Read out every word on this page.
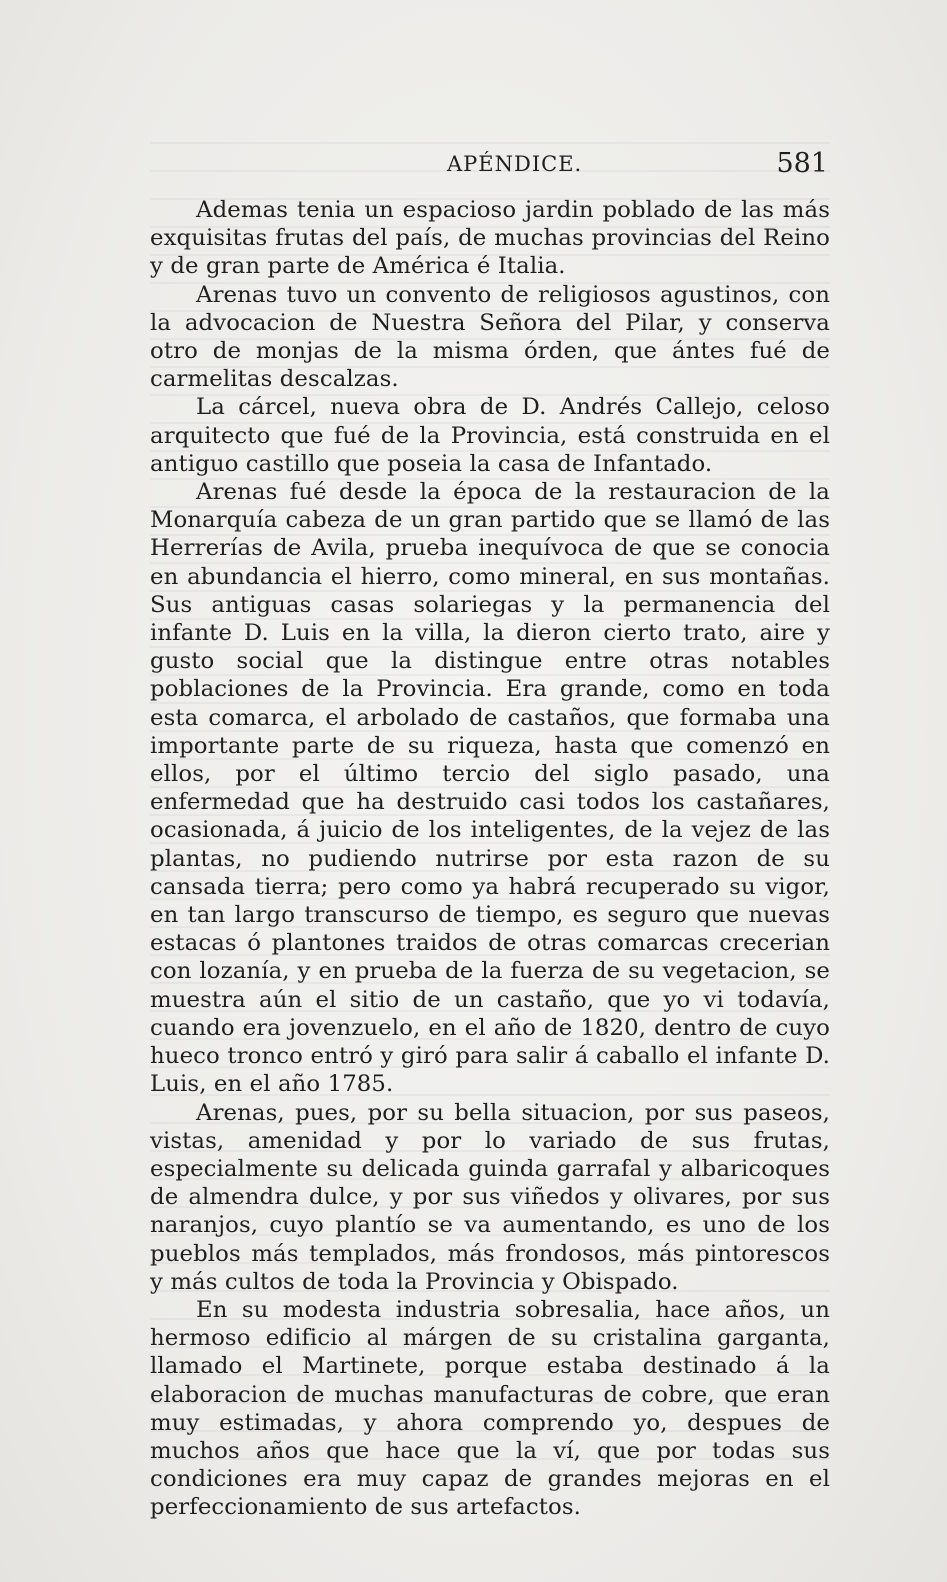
APÉNDICE.	581

Ademas tenia un espacioso jardin poblado de las más exquisitas frutas del país, de muchas provincias del Reino y de gran parte de América é Italia.

Arenas tuvo un convento de religiosos agustinos, con la advocacion de Nuestra Señora del Pilar, y conserva otro de monjas de la misma órden, que ántes fué de carmelitas descalzas.

La cárcel, nueva obra de D. Andrés Callejo, celoso arquitecto que fué de la Provincia, está construida en el antiguo castillo que poseia la casa de Infantado.

Arenas fué desde la época de la restauracion de la Monarquía cabeza de un gran partido que se llamó de las Herrerías de Avila, prueba inequívoca de que se conocia en abundancia el hierro, como mineral, en sus montañas. Sus antiguas casas solariegas y la permanencia del infante D. Luis en la villa, la dieron cierto trato, aire y gusto social que la distingue entre otras notables poblaciones de la Provincia. Era grande, como en toda esta comarca, el arbolado de castaños, que formaba una importante parte de su riqueza, hasta que comenzó en ellos, por el último tercio del siglo pasado, una enfermedad que ha destruido casi todos los castañares, ocasionada, á juicio de los inteligentes, de la vejez de las plantas, no pudiendo nutrirse por esta razon de su cansada tierra; pero como ya habrá recuperado su vigor, en tan largo transcurso de tiempo, es seguro que nuevas estacas ó plantones traidos de otras comarcas crecerian con lozanía, y en prueba de la fuerza de su vegetacion, se muestra aún el sitio de un castaño, que yo vi todavía, cuando era jovenzuelo, en el año de 1820, dentro de cuyo hueco tronco entró y giró para salir á caballo el infante D. Luis, en el año 1785.

Arenas, pues, por su bella situacion, por sus paseos, vistas, amenidad y por lo variado de sus frutas, especialmente su delicada guinda garrafal y albaricoques de almendra dulce, y por sus viñedos y olivares, por sus naranjos, cuyo plantío se va aumentando, es uno de los pueblos más templados, más frondosos, más pintorescos y más cultos de toda la Provincia y Obispado.

En su modesta industria sobresalia, hace años, un hermoso edificio al márgen de su cristalina garganta, llamado el Martinete, porque estaba destinado á la elaboracion de muchas manufacturas de cobre, que eran muy estimadas, y ahora comprendo yo, despues de muchos años que hace que la ví, que por todas sus condiciones era muy capaz de grandes mejoras en el perfeccionamiento de sus artefactos.
